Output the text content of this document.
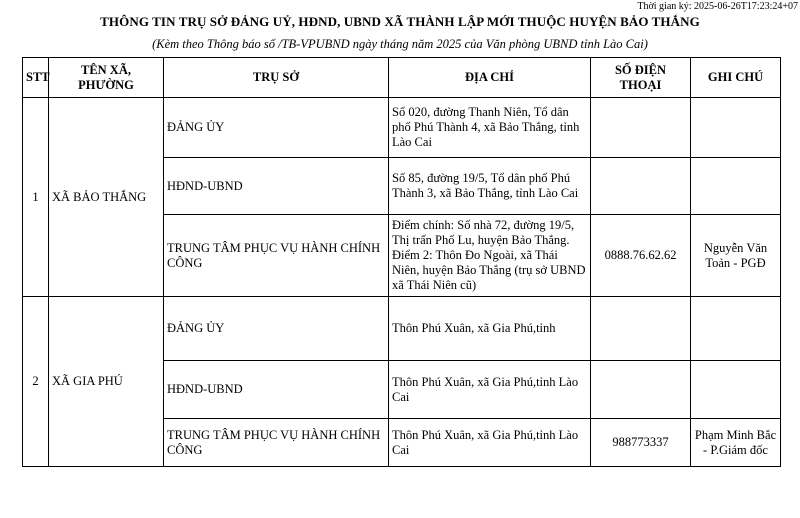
Thời gian ký: 2025-06-26T17:23:24+07
THÔNG TIN TRỤ SỞ ĐẢNG UỶ, HĐND, UBND XÃ THÀNH LẬP MỚI THUỘC HUYỆN BẢO THẮNG
(Kèm theo Thông báo số /TB-VPUBND ngày tháng năm 2025 của Văn phòng UBND tỉnh Lào Cai)
STT	TÊN XÃ, PHƯỜNG	TRỤ SỞ	ĐỊA CHỈ	SỐ ĐIỆN THOẠI	GHI CHÚ
1	XÃ BẢO THẮNG	ĐẢNG ỦY	Số 020, đường Thanh Niên, Tổ dân phố Phú Thành 4, xã Bảo Thắng, tỉnh Lào Cai		
		HĐND-UBND	Số 85, đường 19/5, Tổ dân phố Phú Thành 3, xã Bảo Thắng, tỉnh Lào Cai		
		TRUNG TÂM PHỤC VỤ HÀNH CHÍNH CÔNG	Điểm chính: Số nhà 72, đường 19/5, Thị trấn Phố Lu, huyện Bảo Thắng.
Điểm 2: Thôn Đo Ngoài, xã Thái Niên, huyện Bảo Thắng (trụ sở UBND xã Thái Niên cũ)	0888.76.62.62	Nguyễn Văn Toản - PGĐ
2	XÃ GIA PHÚ	ĐẢNG ỦY	Thôn Phú Xuân, xã Gia Phú,tỉnh		
		HĐND-UBND	Thôn Phú Xuân, xã Gia Phú,tỉnh Lào Cai		
		TRUNG TÂM PHỤC VỤ HÀNH CHÍNH CÔNG	Thôn Phú Xuân, xã Gia Phú,tỉnh Lào Cai	988773337	Phạm Minh Bắc - P.Giám đốc
